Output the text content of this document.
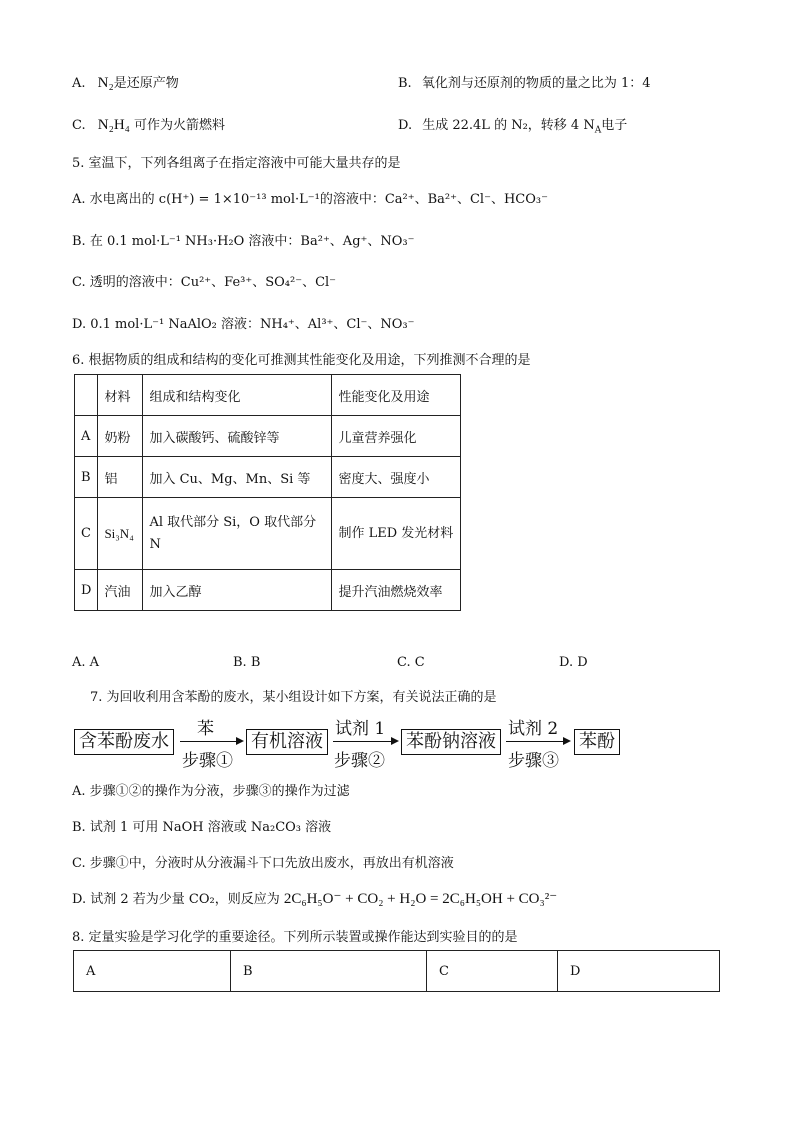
A. N₂是还原产物	B. 氧化剂与还原剂的物质的量之比为 1：4
C. N₂H₄ 可作为火箭燃料	D. 生成 22.4L 的 N₂，转移 4 $N_A$电子
5. 室温下，下列各组离子在指定溶液中可能大量共存的是
A. 水电离出的 c(H⁺) = 1×10⁻¹³ mol·L⁻¹的溶液中：Ca²⁺、Ba²⁺、Cl⁻、HCO₃⁻
B. 在 0.1 mol·L⁻¹ NH₃·H₂O 溶液中：Ba²⁺、Ag⁺、NO₃⁻
C. 透明的溶液中：Cu²⁺、Fe³⁺、SO₄²⁻、Cl⁻
D. 0.1 mol·L⁻¹ NaAlO₂ 溶液：NH₄⁺、Al³⁺、Cl⁻、NO₃⁻
6. 根据物质的组成和结构的变化可推测其性能变化及用途，下列推测不合理的是
	材料	组成和结构变化	性能变化及用途
A	奶粉	加入碳酸钙、硫酸锌等	儿童营养强化
B	铝	加入 Cu、Mg、Mn、Si 等	密度大、强度小
C	Si₃N₄	Al 取代部分 Si，O 取代部分 N	制作 LED 发光材料
D	汽油	加入乙醇	提升汽油燃烧效率
A. A	B. B	C. C	D. D
7. 为回收利用含苯酚的废水，某小组设计如下方案，有关说法正确的是
含苯酚废水
苯
步骤①
有机溶液
试剂 1
步骤②
苯酚钠溶液
试剂 2
步骤③
苯酚
A. 步骤①②的操作为分液，步骤③的操作为过滤
B. 试剂 1 可用 NaOH 溶液或 Na₂CO₃ 溶液
C. 步骤①中，分液时从分液漏斗下口先放出废水，再放出有机溶液
D. 试剂 2 若为少量 CO₂，则反应为 2C₆H₅O⁻ + CO₂ + H₂O = 2C₆H₅OH + CO₃²⁻
8. 定量实验是学习化学的重要途径。下列所示装置或操作能达到实验目的的是
A	B	C	D
